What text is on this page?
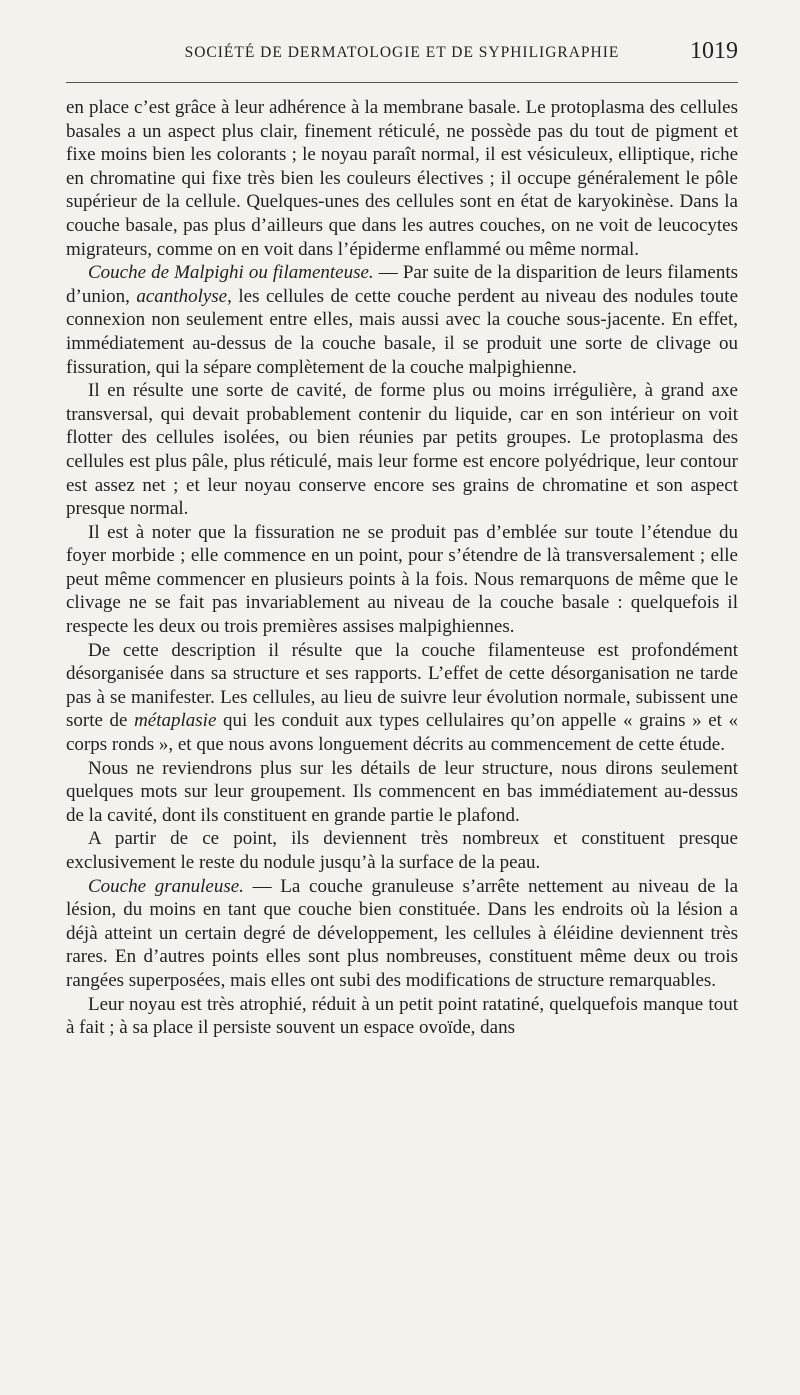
SOCIÉTÉ DE DERMATOLOGIE ET DE SYPHILIGRAPHIE	1019

en place c’est grâce à leur adhérence à la membrane basale. Le protoplasma des cellules basales a un aspect plus clair, finement réticulé, ne possède pas du tout de pigment et fixe moins bien les colorants ; le noyau paraît normal, il est vésiculeux, elliptique, riche en chromatine qui fixe très bien les couleurs électives ; il occupe généralement le pôle supérieur de la cellule. Quelques-unes des cellules sont en état de karyokinèse. Dans la couche basale, pas plus d’ailleurs que dans les autres couches, on ne voit de leucocytes migrateurs, comme on en voit dans l’épiderme enflammé ou même normal.

Couche de Malpighi ou filamenteuse. — Par suite de la disparition de leurs filaments d’union, acantholyse, les cellules de cette couche perdent au niveau des nodules toute connexion non seulement entre elles, mais aussi avec la couche sous-jacente. En effet, immédiatement au-dessus de la couche basale, il se produit une sorte de clivage ou fissuration, qui la sépare complètement de la couche malpighienne.

Il en résulte une sorte de cavité, de forme plus ou moins irrégulière, à grand axe transversal, qui devait probablement contenir du liquide, car en son intérieur on voit flotter des cellules isolées, ou bien réunies par petits groupes. Le protoplasma des cellules est plus pâle, plus réticulé, mais leur forme est encore polyédrique, leur contour est assez net ; et leur noyau conserve encore ses grains de chromatine et son aspect presque normal.

Il est à noter que la fissuration ne se produit pas d’emblée sur toute l’étendue du foyer morbide ; elle commence en un point, pour s’étendre de là transversalement ; elle peut même commencer en plusieurs points à la fois. Nous remarquons de même que le clivage ne se fait pas invariablement au niveau de la couche basale : quelquefois il respecte les deux ou trois premières assises malpighiennes.

De cette description il résulte que la couche filamenteuse est profondément désorganisée dans sa structure et ses rapports. L’effet de cette désorganisation ne tarde pas à se manifester. Les cellules, au lieu de suivre leur évolution normale, subissent une sorte de métaplasie qui les conduit aux types cellulaires qu’on appelle « grains » et « corps ronds », et que nous avons longuement décrits au commencement de cette étude.

Nous ne reviendrons plus sur les détails de leur structure, nous dirons seulement quelques mots sur leur groupement. Ils commencent en bas immédiatement au-dessus de la cavité, dont ils constituent en grande partie le plafond.

A partir de ce point, ils deviennent très nombreux et constituent presque exclusivement le reste du nodule jusqu’à la surface de la peau.

Couche granuleuse. — La couche granuleuse s’arrête nettement au niveau de la lésion, du moins en tant que couche bien constituée. Dans les endroits où la lésion a déjà atteint un certain degré de développement, les cellules à éléidine deviennent très rares. En d’autres points elles sont plus nombreuses, constituent même deux ou trois rangées superposées, mais elles ont subi des modifications de structure remarquables.

Leur noyau est très atrophié, réduit à un petit point ratatiné, quelquefois manque tout à fait ; à sa place il persiste souvent un espace ovoïde, dans
